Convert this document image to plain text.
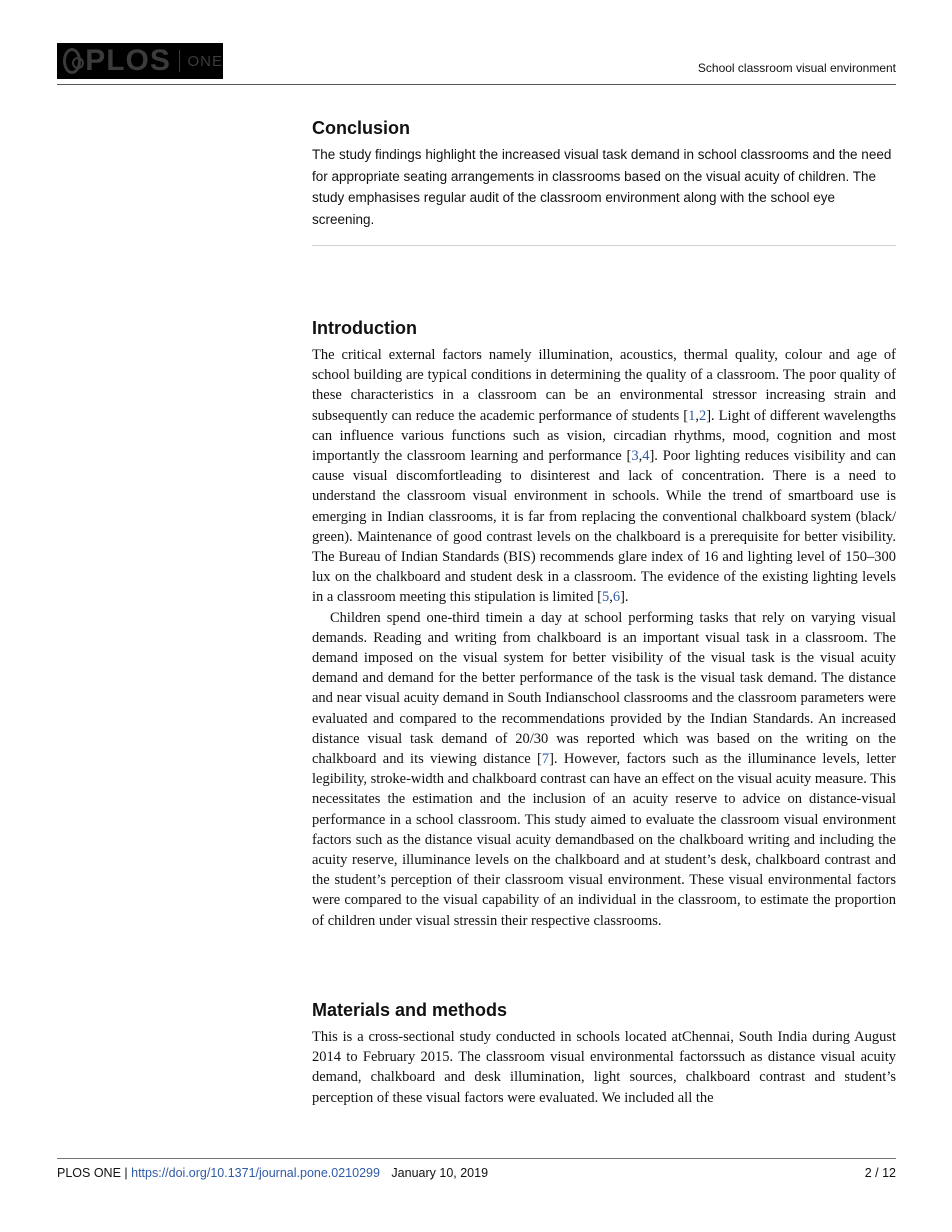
PLOS ONE	School classroom visual environment
Conclusion

The study findings highlight the increased visual task demand in school classrooms and the need for appropriate seating arrangements in classrooms based on the visual acuity of children. The study emphasises regular audit of the classroom environment along with the school eye screening.

Introduction

The critical external factors namely illumination, acoustics, thermal quality, colour and age of school building are typical conditions in determining the quality of a classroom. The poor quality of these characteristics in a classroom can be an environmental stressor increasing strain and subsequently can reduce the academic performance of students [1,2]. Light of different wavelengths can influence various functions such as vision, circadian rhythms, mood, cognition and most importantly the classroom learning and performance [3,4]. Poor lighting reduces visibility and can cause visual discomfortleading to disinterest and lack of concentration. There is a need to understand the classroom visual environment in schools. While the trend of smartboard use is emerging in Indian classrooms, it is far from replacing the conventional chalkboard system (black/ green). Maintenance of good contrast levels on the chalkboard is a prerequisite for better visibility. The Bureau of Indian Standards (BIS) recommends glare index of 16 and lighting level of 150–300 lux on the chalkboard and student desk in a classroom. The evidence of the existing lighting levels in a classroom meeting this stipulation is limited [5,6].

Children spend one-third timein a day at school performing tasks that rely on varying visual demands. Reading and writing from chalkboard is an important visual task in a classroom. The demand imposed on the visual system for better visibility of the visual task is the visual acuity demand and demand for the better performance of the task is the visual task demand. The distance and near visual acuity demand in South Indianschool classrooms and the classroom parameters were evaluated and compared to the recommendations provided by the Indian Standards. An increased distance visual task demand of 20/30 was reported which was based on the writing on the chalkboard and its viewing distance [7]. However, factors such as the illuminance levels, letter legibility, stroke-width and chalkboard contrast can have an effect on the visual acuity measure. This necessitates the estimation and the inclusion of an acuity reserve to advice on distance-visual performance in a school classroom. This study aimed to evaluate the classroom visual environment factors such as the distance visual acuity demandbased on the chalkboard writing and including the acuity reserve, illuminance levels on the chalkboard and at student’s desk, chalkboard contrast and the student’s perception of their classroom visual environment. These visual environmental factors were compared to the visual capability of an individual in the classroom, to estimate the proportion of children under visual stressin their respective classrooms.

Materials and methods

This is a cross-sectional study conducted in schools located atChennai, South India during August 2014 to February 2015. The classroom visual environmental factorssuch as distance visual acuity demand, chalkboard and desk illumination, light sources, chalkboard contrast and student’s perception of these visual factors were evaluated. We included all the

PLOS ONE | https://doi.org/10.1371/journal.pone.0210299 January 10, 2019	2 / 12
